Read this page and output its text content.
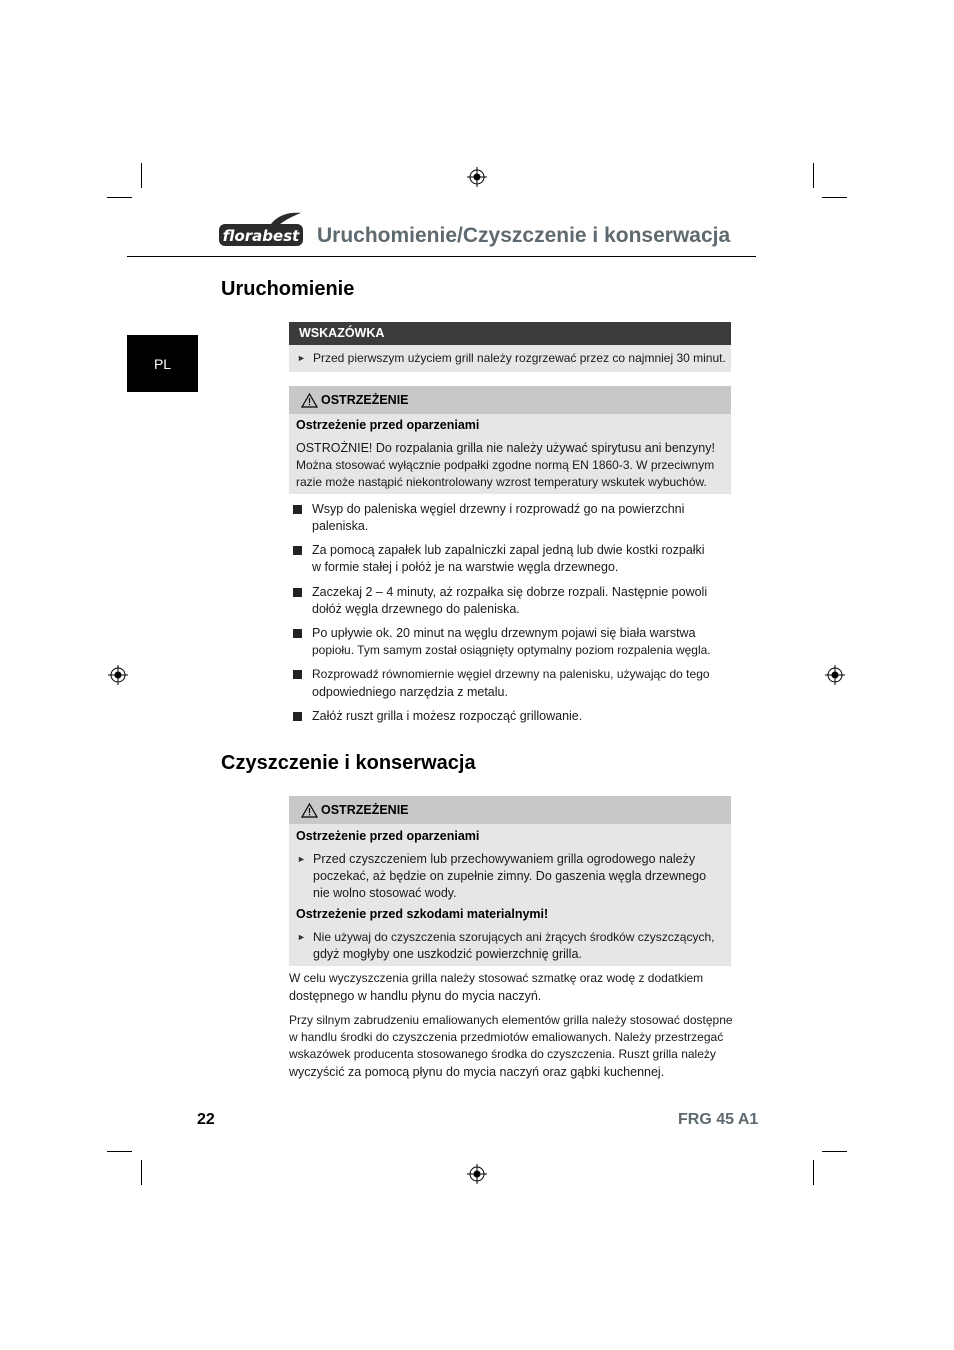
florabest Uruchomienie/Czyszczenie i konserwacja
PL
Uruchomienie
WSKAZÓWKA
► Przed pierwszym użyciem grill należy rozgrzewać przez co najmniej 30 minut.
OSTRZEŻENIE
Ostrzeżenie przed oparzeniami
OSTROŻNIE! Do rozpalania grilla nie należy używać spirytusu ani benzyny!
Można stosować wyłącznie podpałki zgodne normą EN 1860-3. W przeciwnym
razie może nastąpić niekontrolowany wzrost temperatury wskutek wybuchów.
Wsyp do paleniska węgiel drzewny i rozprowadź go na powierzchni
paleniska.
Za pomocą zapałek lub zapalniczki zapal jedną lub dwie kostki rozpałki
w formie stałej i połóż je na warstwie węgla drzewnego.
Zaczekaj 2 – 4 minuty, aż rozpałka się dobrze rozpali. Następnie powoli
dołóż węgla drzewnego do paleniska.
Po upływie ok. 20 minut na węglu drzewnym pojawi się biała warstwa
popiołu. Tym samym został osiągnięty optymalny poziom rozpalenia węgla.
Rozprowadź równomiernie węgiel drzewny na palenisku, używając do tego
odpowiedniego narzędzia z metalu.
Załóż ruszt grilla i możesz rozpocząć grillowanie.
Czyszczenie i konserwacja
OSTRZEŻENIE
Ostrzeżenie przed oparzeniami
► Przed czyszczeniem lub przechowywaniem grilla ogrodowego należy
poczekać, aż będzie on zupełnie zimny. Do gaszenia węgla drzewnego
nie wolno stosować wody.
Ostrzeżenie przed szkodami materialnymi!
► Nie używaj do czyszczenia szorujących ani żrących środków czyszczących,
gdyż mogłyby one uszkodzić powierzchnię grilla.
W celu wyczyszczenia grilla należy stosować szmatkę oraz wodę z dodatkiem
dostępnego w handlu płynu do mycia naczyń.
Przy silnym zabrudzeniu emaliowanych elementów grilla należy stosować dostępne
w handlu środki do czyszczenia przedmiotów emaliowanych. Należy przestrzegać
wskazówek producenta stosowanego środka do czyszczenia. Ruszt grilla należy
wyczyścić za pomocą płynu do mycia naczyń oraz gąbki kuchennej.
22	FRG 45 A1
